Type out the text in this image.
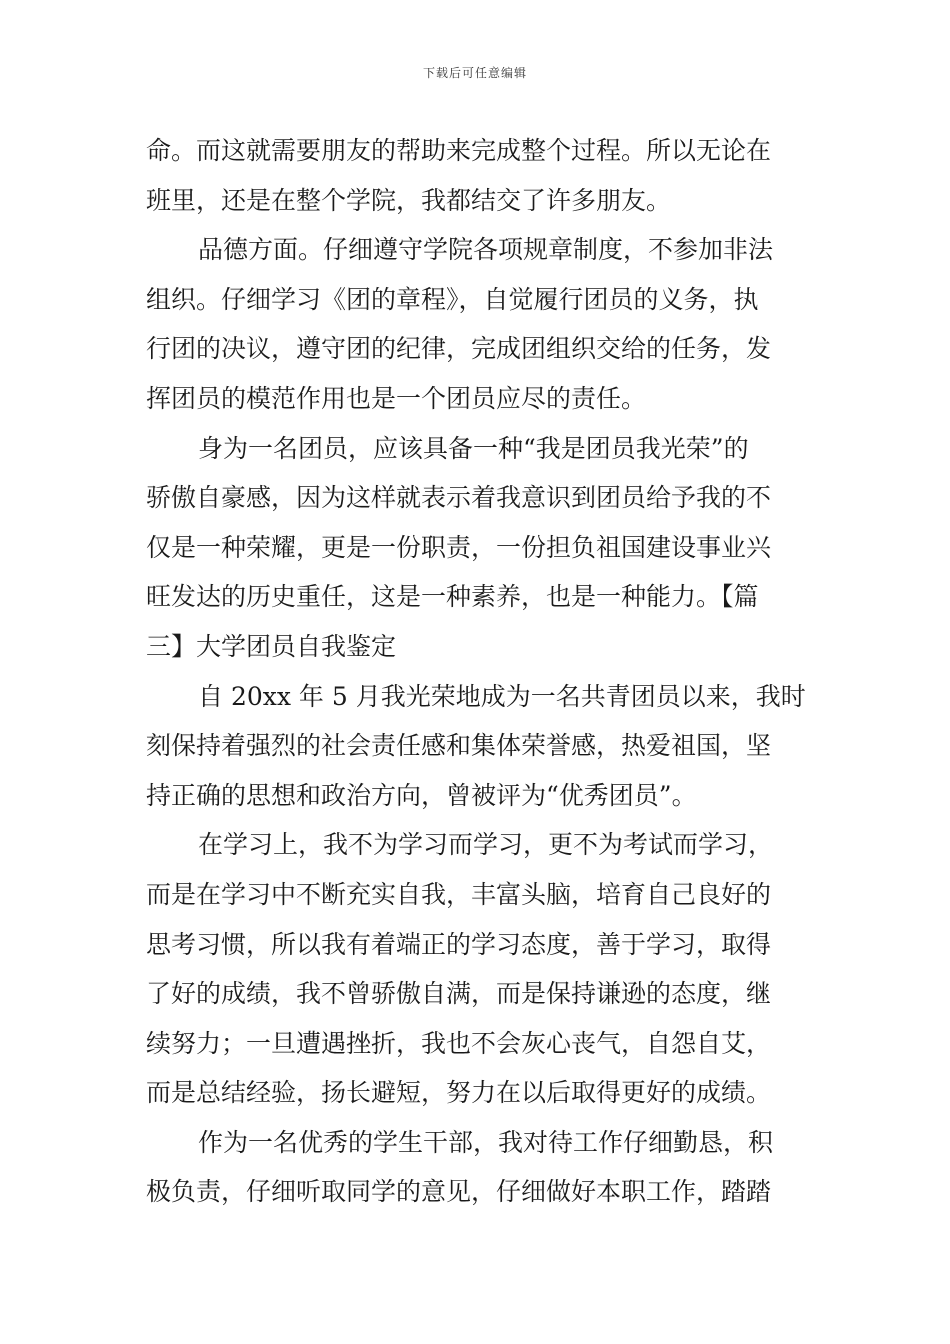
下载后可任意编辑
命。而这就需要朋友的帮助来完成整个过程。所以无论在
班里，还是在整个学院，我都结交了许多朋友。
品德方面。仔细遵守学院各项规章制度，不参加非法
组织。仔细学习《团的章程》，自觉履行团员的义务，执
行团的决议，遵守团的纪律，完成团组织交给的任务，发
挥团员的模范作用也是一个团员应尽的责任。
身为一名团员，应该具备一种“我是团员我光荣”的
骄傲自豪感，因为这样就表示着我意识到团员给予我的不
仅是一种荣耀，更是一份职责，一份担负祖国建设事业兴
旺发达的历史重任，这是一种素养，也是一种能力。【篇
三】大学团员自我鉴定
自 20xx 年 5 月我光荣地成为一名共青团员以来，我时
刻保持着强烈的社会责任感和集体荣誉感，热爱祖国，坚
持正确的思想和政治方向，曾被评为“优秀团员”。
在学习上，我不为学习而学习，更不为考试而学习，
而是在学习中不断充实自我，丰富头脑，培育自己良好的
思考习惯，所以我有着端正的学习态度，善于学习，取得
了好的成绩，我不曾骄傲自满，而是保持谦逊的态度，继
续努力；一旦遭遇挫折，我也不会灰心丧气，自怨自艾，
而是总结经验，扬长避短，努力在以后取得更好的成绩。
作为一名优秀的学生干部，我对待工作仔细勤恳，积
极负责，仔细听取同学的意见，仔细做好本职工作，踏踏
